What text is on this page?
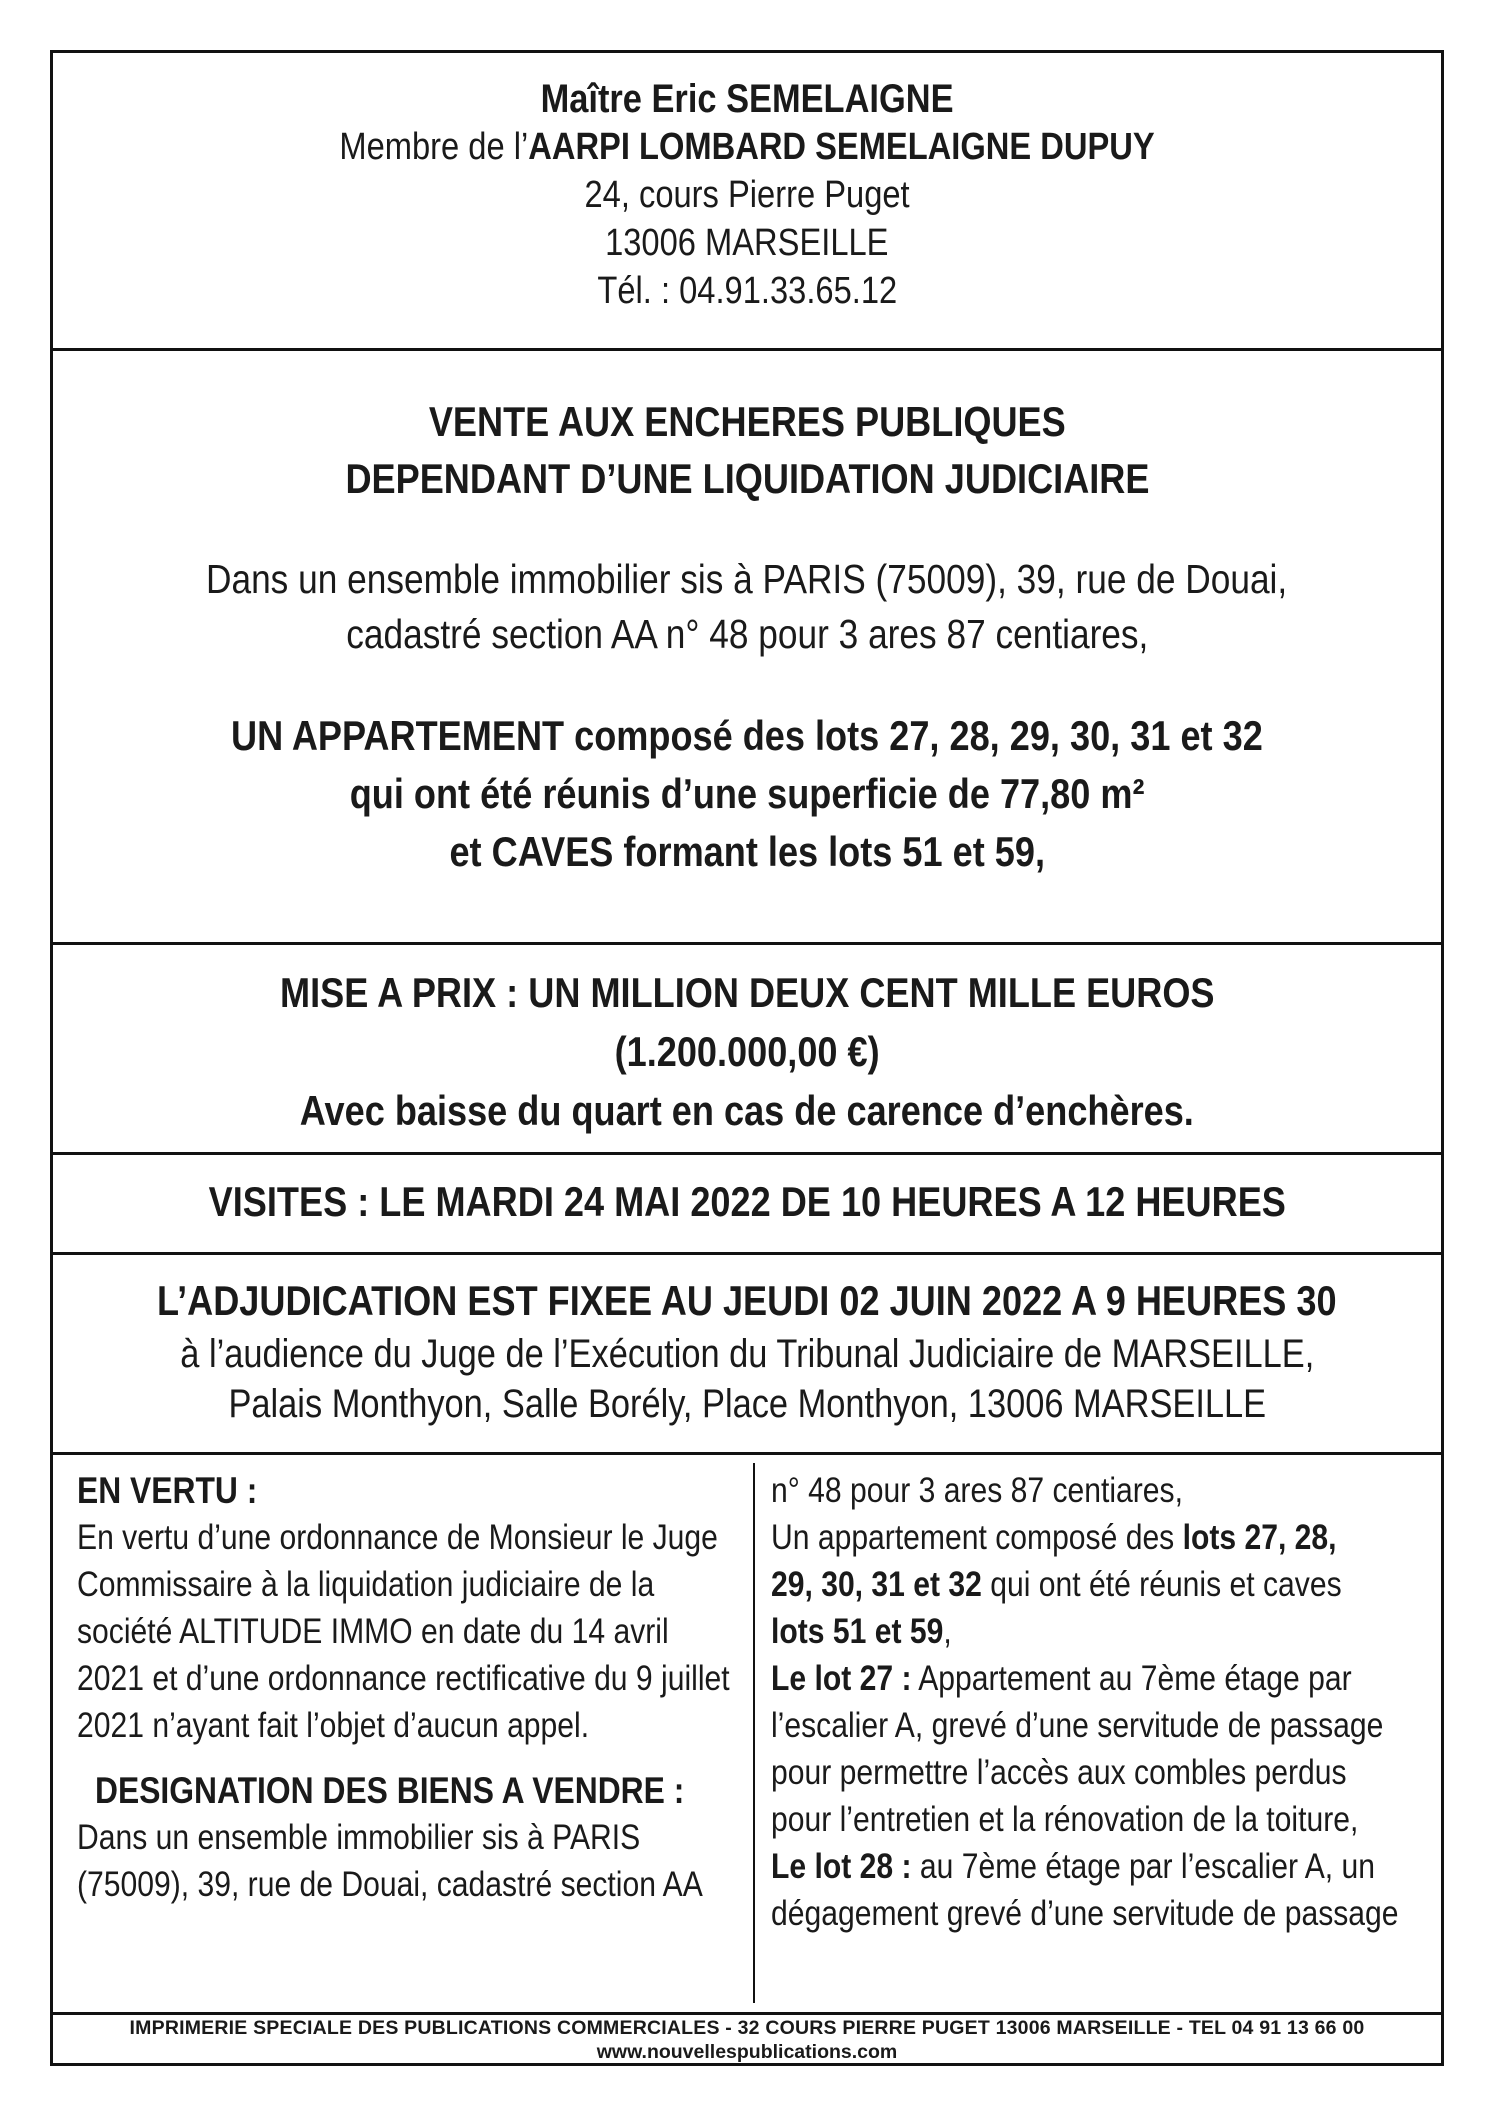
Maître Eric SEMELAIGNE
Membre de l’AARPI LOMBARD SEMELAIGNE DUPUY
24, cours Pierre Puget
13006 MARSEILLE
Tél. : 04.91.33.65.12
VENTE AUX ENCHERES PUBLIQUES
DEPENDANT D’UNE LIQUIDATION JUDICIAIRE
Dans un ensemble immobilier sis à PARIS (75009), 39, rue de Douai,
cadastré section AA n° 48 pour 3 ares 87 centiares,
UN APPARTEMENT composé des lots 27, 28, 29, 30, 31 et 32
qui ont été réunis d’une superficie de 77,80 m²
et CAVES formant les lots 51 et 59,
MISE A PRIX : UN MILLION DEUX CENT MILLE EUROS
(1.200.000,00 €)
Avec baisse du quart en cas de carence d’enchères.
VISITES : LE MARDI 24 MAI 2022 DE 10 HEURES A 12 HEURES
L’ADJUDICATION EST FIXEE AU JEUDI 02 JUIN 2022 A 9 HEURES 30
à l’audience du Juge de l’Exécution du Tribunal Judiciaire de MARSEILLE,
Palais Monthyon, Salle Borély, Place Monthyon, 13006 MARSEILLE
EN VERTU :
En vertu d’une ordonnance de Monsieur le Juge
Commissaire à la liquidation judiciaire de la
société ALTITUDE IMMO en date du 14 avril
2021 et d’une ordonnance rectificative du 9 juillet
2021 n’ayant fait l’objet d’aucun appel.
DESIGNATION DES BIENS A VENDRE :
Dans un ensemble immobilier sis à PARIS
(75009), 39, rue de Douai, cadastré section AA
n° 48 pour 3 ares 87 centiares,
Un appartement composé des lots 27, 28,
29, 30, 31 et 32 qui ont été réunis et caves
lots 51 et 59,
Le lot 27 : Appartement au 7ème étage par
l’escalier A, grevé d’une servitude de passage
pour permettre l’accès aux combles perdus
pour l’entretien et la rénovation de la toiture,
Le lot 28 : au 7ème étage par l’escalier A, un
dégagement grevé d’une servitude de passage
IMPRIMERIE SPECIALE DES PUBLICATIONS COMMERCIALES - 32 COURS PIERRE PUGET 13006 MARSEILLE - TEL 04 91 13 66 00
www.nouvellespublications.com
